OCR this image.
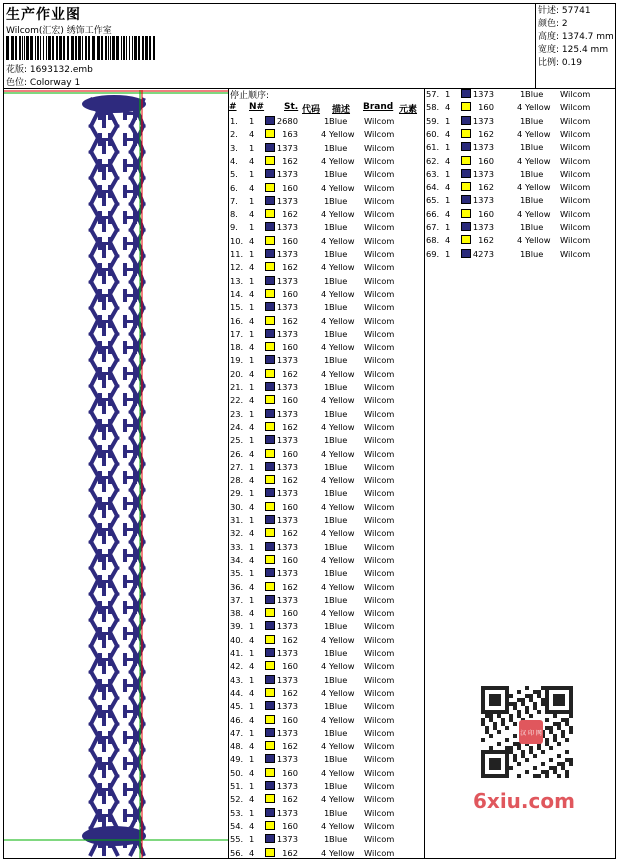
生产作业图
Wilcom(汇宏) 绣饰工作室
花版: 1693132.emb
色位: Colorway 1
针述: 57741
颜色: 2
高度: 1374.7 mm
宽度: 125.4 mm
比例: 0.19
停止顺序:
# N# St. 代码 描述 Brand 元素
1. 1	2680	1 Blue Wilcom
2. 4	163	4 Yellow Wilcom
3. 1	1373	1 Blue Wilcom
4. 4	162	4 Yellow Wilcom
5. 1	1373	1 Blue Wilcom
6. 4	160	4 Yellow Wilcom
7. 1	1373	1 Blue Wilcom
8. 4	162	4 Yellow Wilcom
9. 1	1373	1 Blue Wilcom
10. 4	160	4 Yellow Wilcom
11. 1	1373	1 Blue Wilcom
12. 4	162	4 Yellow Wilcom
13. 1	1373	1 Blue Wilcom
14. 4	160	4 Yellow Wilcom
15. 1	1373	1 Blue Wilcom
16. 4	162	4 Yellow Wilcom
17. 1	1373	1 Blue Wilcom
18. 4	160	4 Yellow Wilcom
19. 1	1373	1 Blue Wilcom
20. 4	162	4 Yellow Wilcom
21. 1	1373	1 Blue Wilcom
22. 4	160	4 Yellow Wilcom
23. 1	1373	1 Blue Wilcom
24. 4	162	4 Yellow Wilcom
25. 1	1373	1 Blue Wilcom
26. 4	160	4 Yellow Wilcom
27. 1	1373	1 Blue Wilcom
28. 4	162	4 Yellow Wilcom
29. 1	1373	1 Blue Wilcom
30. 4	160	4 Yellow Wilcom
31. 1	1373	1 Blue Wilcom
32. 4	162	4 Yellow Wilcom
33. 1	1373	1 Blue Wilcom
34. 4	160	4 Yellow Wilcom
35. 1	1373	1 Blue Wilcom
36. 4	162	4 Yellow Wilcom
37. 1	1373	1 Blue Wilcom
38. 4	160	4 Yellow Wilcom
39. 1	1373	1 Blue Wilcom
40. 4	162	4 Yellow Wilcom
41. 1	1373	1 Blue Wilcom
42. 4	160	4 Yellow Wilcom
43. 1	1373	1 Blue Wilcom
44. 4	162	4 Yellow Wilcom
45. 1	1373	1 Blue Wilcom
46. 4	160	4 Yellow Wilcom
47. 1	1373	1 Blue Wilcom
48. 4	162	4 Yellow Wilcom
49. 1	1373	1 Blue Wilcom
50. 4	160	4 Yellow Wilcom
51. 1	1373	1 Blue Wilcom
52. 4	162	4 Yellow Wilcom
53. 1	1373	1 Blue Wilcom
54. 4	160	4 Yellow Wilcom
55. 1	1373	1 Blue Wilcom
56. 4	162	4 Yellow Wilcom
57. 1	1373	1 Blue Wilcom
58. 4	160	4 Yellow Wilcom
59. 1	1373	1 Blue Wilcom
60. 4	162	4 Yellow Wilcom
61. 1	1373	1 Blue Wilcom
62. 4	160	4 Yellow Wilcom
63. 1	1373	1 Blue Wilcom
64. 4	162	4 Yellow Wilcom
65. 1	1373	1 Blue Wilcom
66. 4	160	4 Yellow Wilcom
67. 1	1373	1 Blue Wilcom
68. 4	162	4 Yellow Wilcom
69. 1	4273	1 Blue Wilcom
汉 印 网
6xiu.com
